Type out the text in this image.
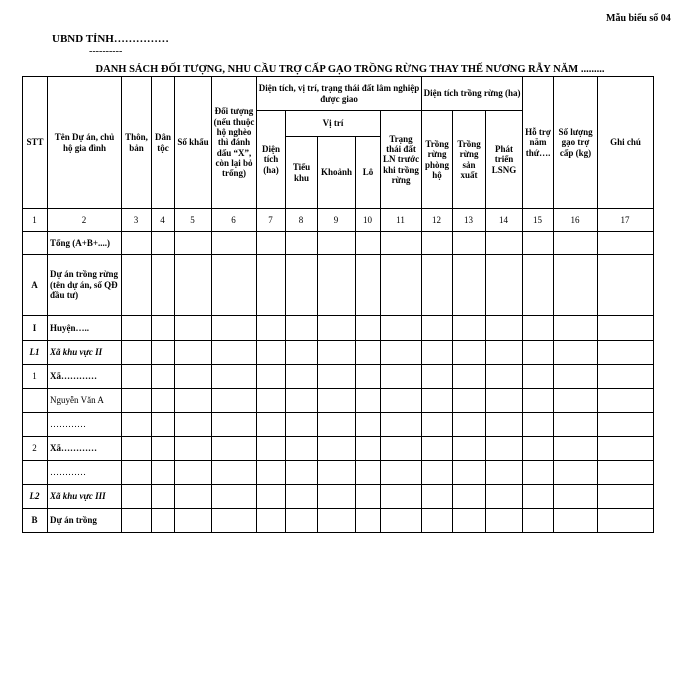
Mẫu biểu số 04
UBND TỈNH……………
----------
DANH SÁCH ĐỐI TƯỢNG, NHU CẦU TRỢ CẤP GẠO TRỒNG RỪNG THAY THẾ NƯƠNG RẪY NĂM .........
STT	Tên Dự án, chủ hộ gia đình	Thôn, bản	Dân tộc	Số khẩu	Đối tượng (nếu thuộc hộ nghèo thì đánh dấu “X”, còn lại bỏ trống)	Diện tích, vị trí, trạng thái đất lâm nghiệp được giao					Diện tích trồng rừng (ha)			Hỗ trợ năm thứ….	Số lượng gạo trợ cấp (kg)	Ghi chú
						Diện tích (ha)	Vị trí			Trạng thái đất LN trước khi trồng rừng	Trồng rừng phòng hộ	Trồng rừng sản xuất	Phát triển LSNG			
							Tiểu khu	Khoảnh	Lô							
1	2	3	4	5	6	7	8	9	10	11	12	13	14	15	16	17
	Tổng (A+B+....)															
A	Dự án trồng rừng (tên dự án, số QĐ đầu tư)															
I	Huyện…..															
L1	Xã khu vực II															
1	Xã…………															
	Nguyễn Văn A															
	…………															
2	Xã…………															
	…………															
L2	Xã khu vực III															
B	Dự án trồng															
